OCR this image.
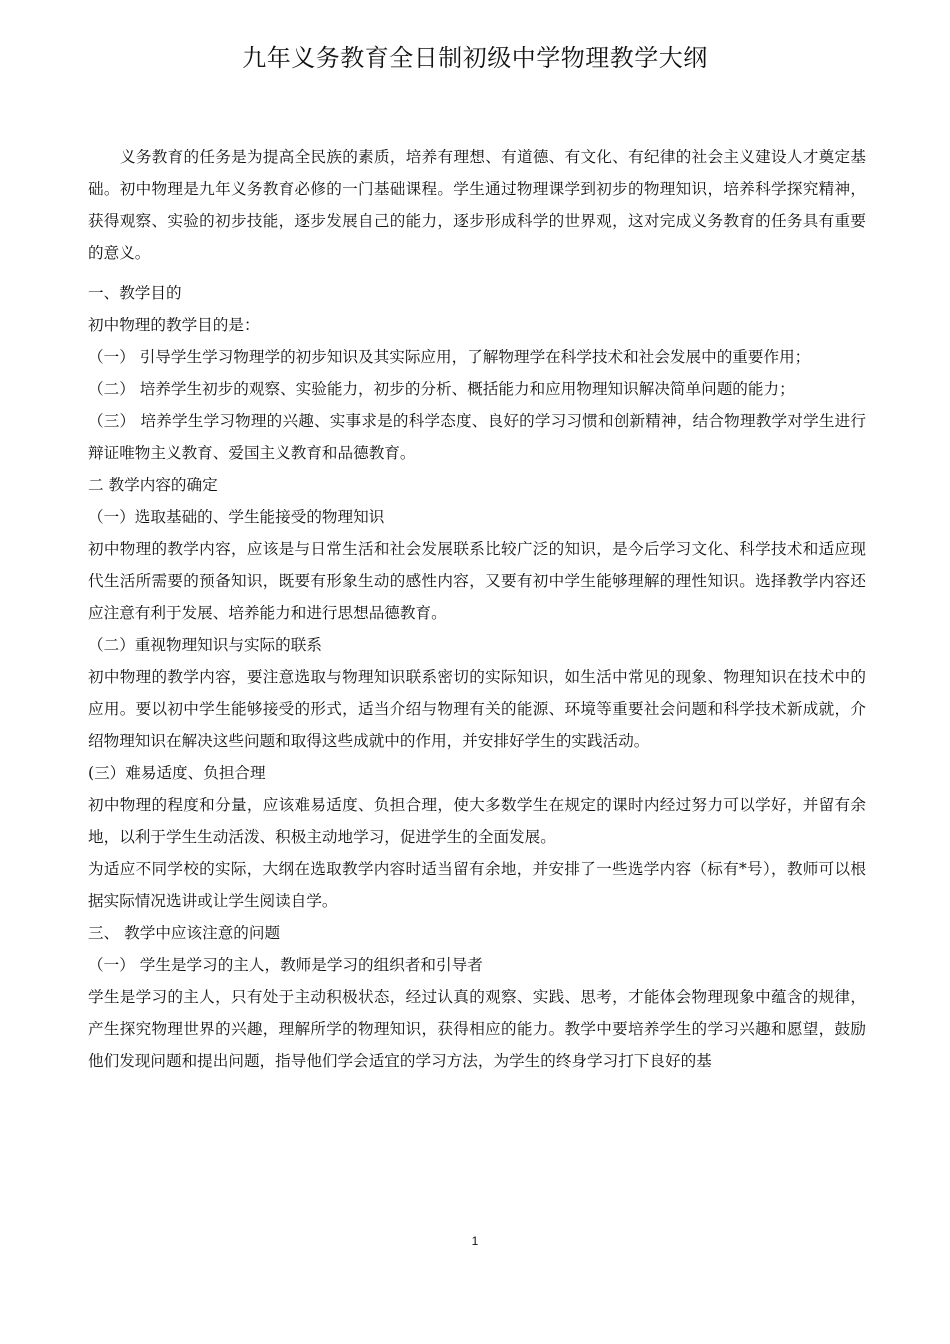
九年义务教育全日制初级中学物理教学大纲

义务教育的任务是为提高全民族的素质，培养有理想、有道德、有文化、有纪律的社会主义建设人才奠定基础。初中物理是九年义务教育必修的一门基础课程。学生通过物理课学到初步的物理知识，培养科学探究精神，获得观察、实验的初步技能，逐步发展自己的能力，逐步形成科学的世界观，这对完成义务教育的任务具有重要的意义。

一、教学目的

初中物理的教学目的是：

（一） 引导学生学习物理学的初步知识及其实际应用，了解物理学在科学技术和社会发展中的重要作用；

（二） 培养学生初步的观察、实验能力，初步的分析、概括能力和应用物理知识解决简单问题的能力；

（三） 培养学生学习物理的兴趣、实事求是的科学态度、良好的学习习惯和创新精神，结合物理教学对学生进行辩证唯物主义教育、爱国主义教育和品德教育。

二 教学内容的确定

（一）选取基础的、学生能接受的物理知识

初中物理的教学内容，应该是与日常生活和社会发展联系比较广泛的知识，是今后学习文化、科学技术和适应现代生活所需要的预备知识，既要有形象生动的感性内容，又要有初中学生能够理解的理性知识。选择教学内容还应注意有利于发展、培养能力和进行思想品德教育。

（二）重视物理知识与实际的联系

初中物理的教学内容，要注意选取与物理知识联系密切的实际知识，如生活中常见的现象、物理知识在技术中的应用。要以初中学生能够接受的形式，适当介绍与物理有关的能源、环境等重要社会问题和科学技术新成就，介绍物理知识在解决这些问题和取得这些成就中的作用，并安排好学生的实践活动。

(三）难易适度、负担合理

初中物理的程度和分量，应该难易适度、负担合理，使大多数学生在规定的课时内经过努力可以学好，并留有余地，以利于学生生动活泼、积极主动地学习，促进学生的全面发展。

为适应不同学校的实际，大纲在选取教学内容时适当留有余地，并安排了一些选学内容（标有*号），教师可以根据实际情况选讲或让学生阅读自学。

三、 教学中应该注意的问题

（一） 学生是学习的主人，教师是学习的组织者和引导者

学生是学习的主人，只有处于主动积极状态，经过认真的观察、实践、思考，才能体会物理现象中蕴含的规律，产生探究物理世界的兴趣，理解所学的物理知识，获得相应的能力。教学中要培养学生的学习兴趣和愿望，鼓励他们发现问题和提出问题，指导他们学会适宜的学习方法，为学生的终身学习打下良好的基

1
